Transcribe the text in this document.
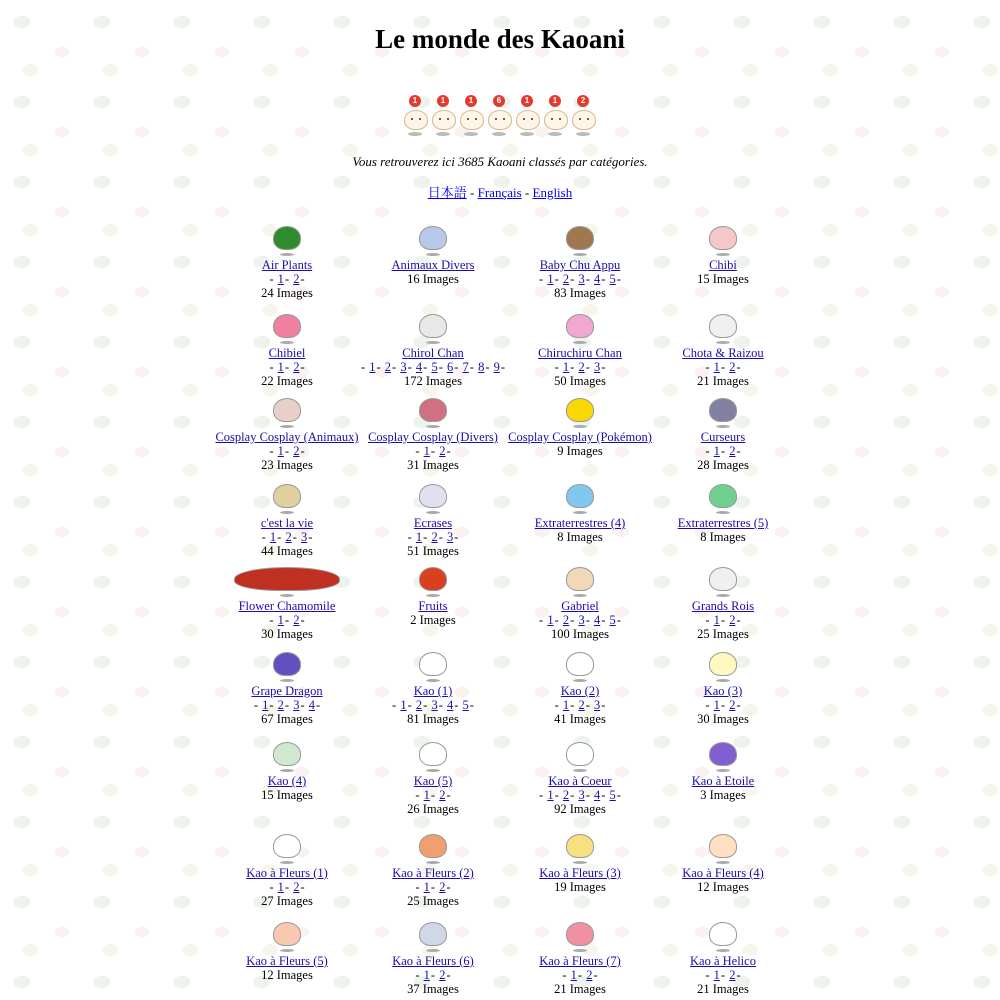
Le monde des Kaoani
1	1	1	6	1	1	2
Vous retrouverez ici 3685 Kaoani classés par catégories.
日本語 - Français - English
Air Plants
- 1- 2-
24 Images
Animaux Divers
16 Images
Baby Chu Appu
- 1- 2- 3- 4- 5-
83 Images
Chibi
15 Images
Chibiel
- 1- 2-
22 Images
Chirol Chan
- 1- 2- 3- 4- 5- 6- 7- 8- 9-
172 Images
Chiruchiru Chan
- 1- 2- 3-
50 Images
Chota & Raizou
- 1- 2-
21 Images
Cosplay Cosplay (Animaux)
- 1- 2-
23 Images
Cosplay Cosplay (Divers)
- 1- 2-
31 Images
Cosplay Cosplay (Pokémon)
9 Images
Curseurs
- 1- 2-
28 Images
c'est la vie
- 1- 2- 3-
44 Images
Ecrases
- 1- 2- 3-
51 Images
Extraterrestres (4)
8 Images
Extraterrestres (5)
8 Images
Flower Chamomile
- 1- 2-
30 Images
Fruits
2 Images
Gabriel
- 1- 2- 3- 4- 5-
100 Images
Grands Rois
- 1- 2-
25 Images
Grape Dragon
- 1- 2- 3- 4-
67 Images
Kao (1)
- 1- 2- 3- 4- 5-
81 Images
Kao (2)
- 1- 2- 3-
41 Images
Kao (3)
- 1- 2-
30 Images
Kao (4)
15 Images
Kao (5)
- 1- 2-
26 Images
Kao à Coeur
- 1- 2- 3- 4- 5-
92 Images
Kao à Etoile
3 Images
Kao à Fleurs (1)
- 1- 2-
27 Images
Kao à Fleurs (2)
- 1- 2-
25 Images
Kao à Fleurs (3)
19 Images
Kao à Fleurs (4)
12 Images
Kao à Fleurs (5)
12 Images
Kao à Fleurs (6)
- 1- 2-
37 Images
Kao à Fleurs (7)
- 1- 2-
21 Images
Kao à Helico
- 1- 2-
21 Images
